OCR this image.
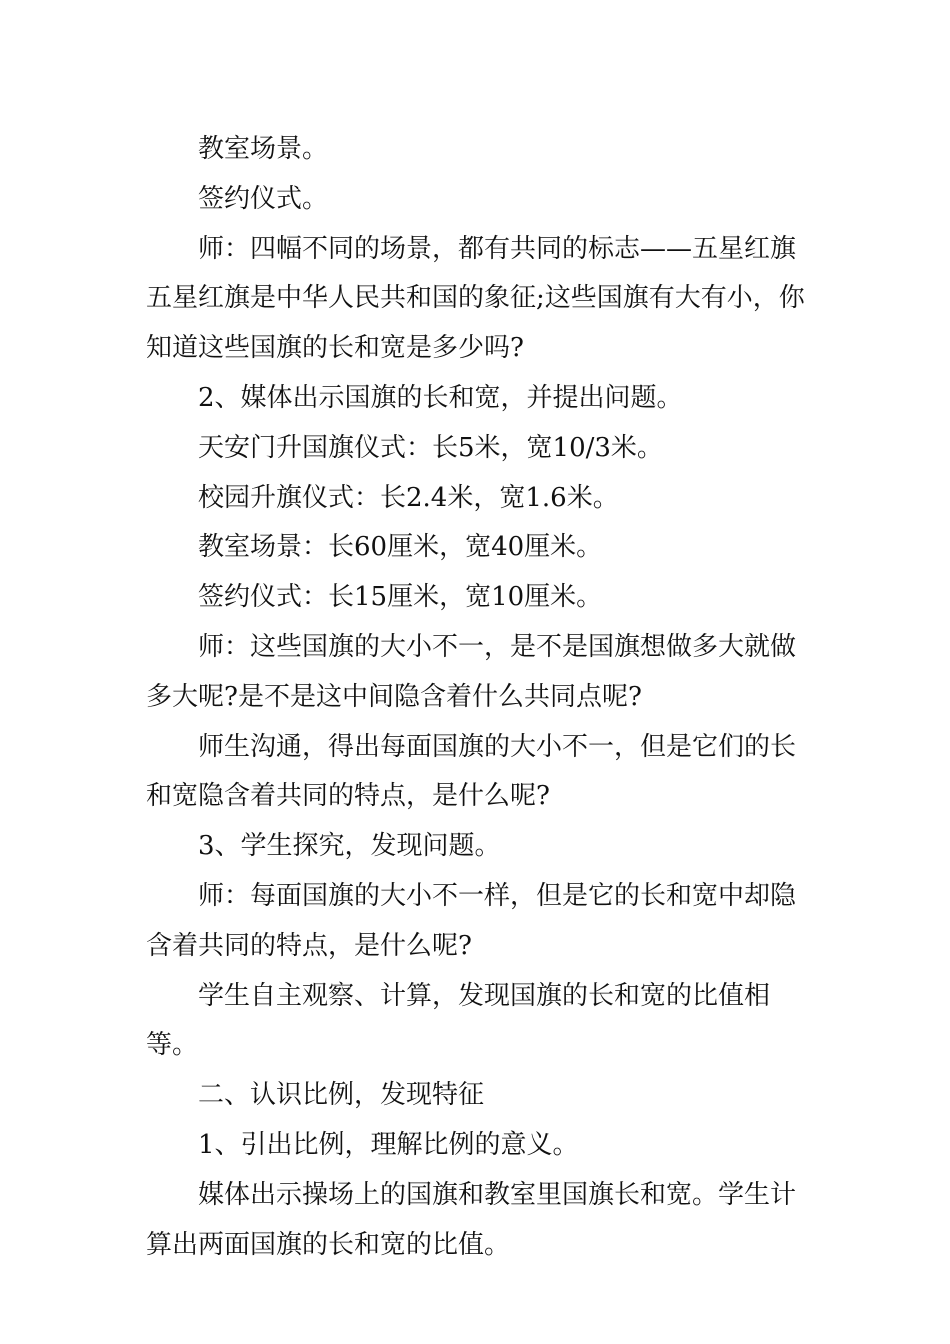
教室场景。

签约仪式。

师：四幅不同的场景，都有共同的标志——五星红旗五星红旗是中华人民共和国的象征;这些国旗有大有小，你知道这些国旗的长和宽是多少吗?

2、媒体出示国旗的长和宽，并提出问题。

天安门升国旗仪式：长5米，宽10/3米。

校园升旗仪式：长2.4米，宽1.6米。

教室场景：长60厘米，宽40厘米。

签约仪式：长15厘米，宽10厘米。

师：这些国旗的大小不一，是不是国旗想做多大就做多大呢?是不是这中间隐含着什么共同点呢?

师生沟通，得出每面国旗的大小不一，但是它们的长和宽隐含着共同的特点，是什么呢?

3、学生探究，发现问题。

师：每面国旗的大小不一样，但是它的长和宽中却隐含着共同的特点，是什么呢?

学生自主观察、计算，发现国旗的长和宽的比值相等。

二、认识比例，发现特征

1、引出比例，理解比例的意义。

媒体出示操场上的国旗和教室里国旗长和宽。学生计算出两面国旗的长和宽的比值。
